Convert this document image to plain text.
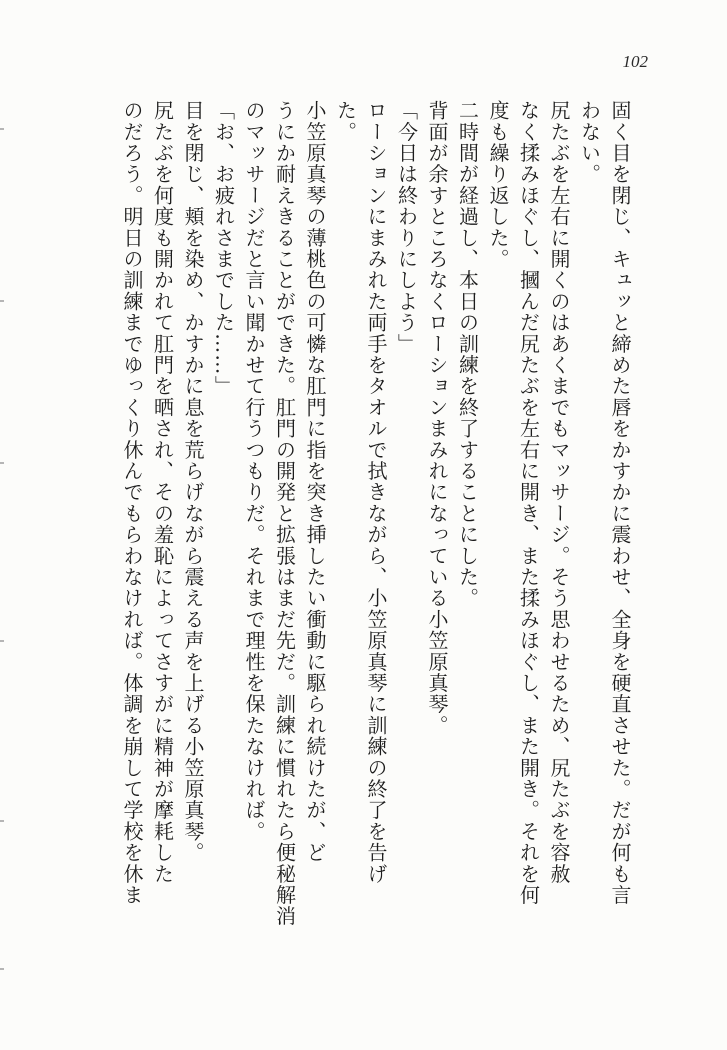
102
固く目を閉じ、キュッと締めた唇をかすかに震わせ、全身を硬直させた。だが何も言
わない。
尻たぶを左右に開くのはあくまでもマッサージ。そう思わせるため、尻たぶを容赦
なく揉みほぐし、摑んだ尻たぶを左右に開き、また揉みほぐし、また開き。それを何
度も繰り返した。
二時間が経過し、本日の訓練を終了することにした。
背面が余すところなくローションまみれになっている小笠原真琴。
「今日は終わりにしよう」
ローションにまみれた両手をタオルで拭きながら、小笠原真琴に訓練の終了を告げ
た。
小笠原真琴の薄桃色の可憐な肛門に指を突き挿したい衝動に駆られ続けたが、ど
うにか耐えきることができた。肛門の開発と拡張はまだ先だ。訓練に慣れたら便秘解消
のマッサージだと言い聞かせて行うつもりだ。それまで理性を保たなければ。
「お、お疲れさまでした……」
目を閉じ、頬を染め、かすかに息を荒らげながら震える声を上げる小笠原真琴。
尻たぶを何度も開かれて肛門を晒され、その羞恥によってさすがに精神が摩耗した
のだろう。明日の訓練までゆっくり休んでもらわなければ。体調を崩して学校を休ま
